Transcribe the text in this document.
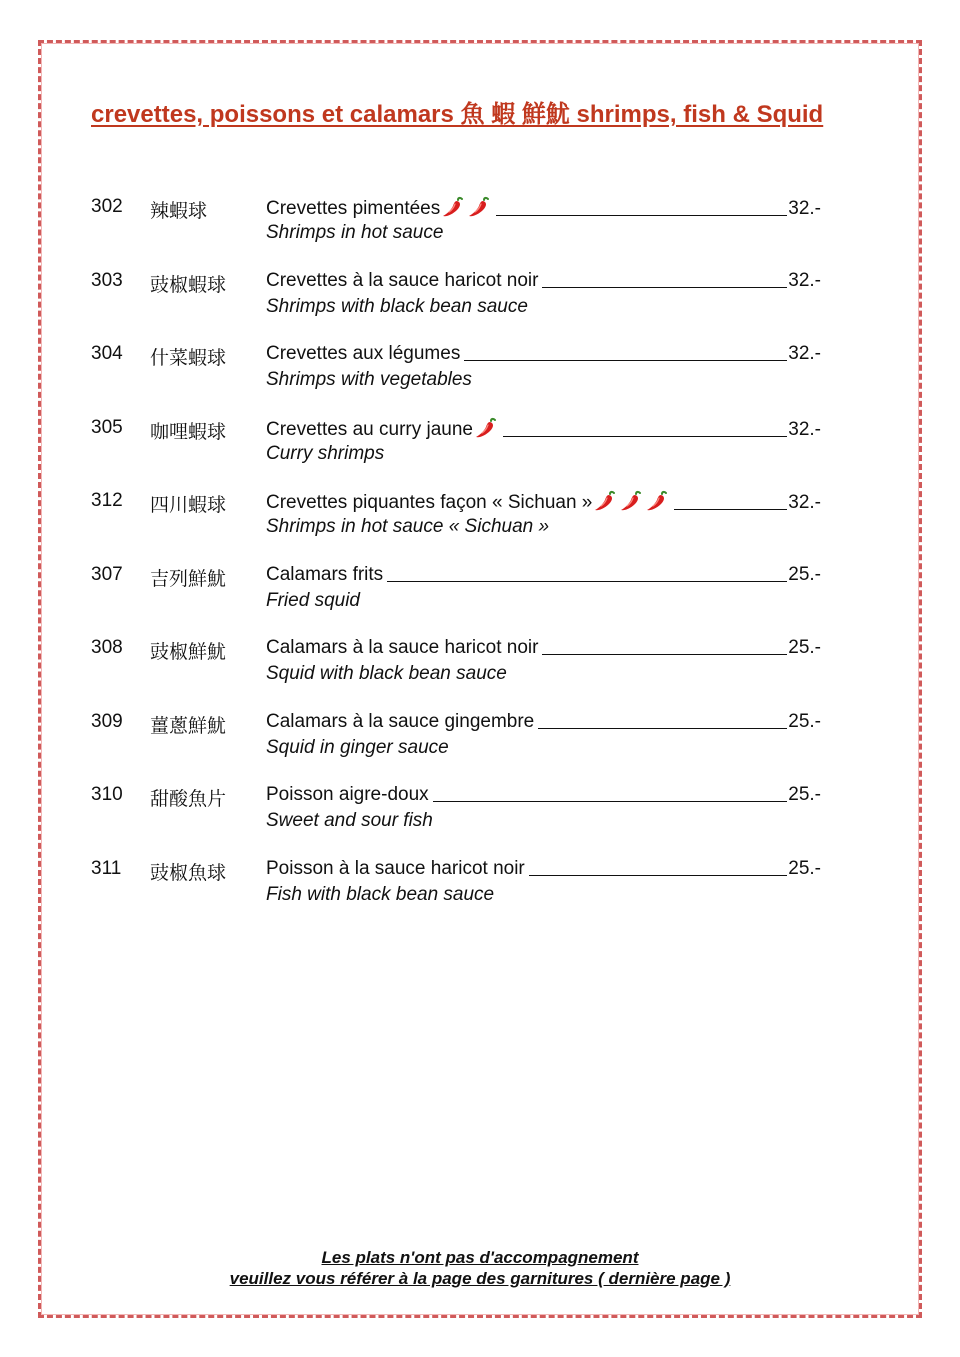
crevettes, poissons et calamars 魚 蝦 鮮魷 shrimps, fish & Squid
302 辣蝦球	Crevettes pimentées	32.-
Shrimps in hot sauce
303 豉椒蝦球 Crevettes à la sauce haricot noir	32.-
Shrimps with black bean sauce
304 什菜蝦球 Crevettes aux légumes	32.-
Shrimps with vegetables
305 咖哩蝦球 Crevettes au curry jaune	32.-
Curry shrimps
312 四川蝦球 Crevettes piquantes façon « Sichuan »	32.-
Shrimps in hot sauce « Sichuan »
307 吉列鮮魷 Calamars frits	25.-
Fried squid
308 豉椒鮮魷 Calamars à la sauce haricot noir	25.-
Squid with black bean sauce
309 薑蔥鮮魷 Calamars à la sauce gingembre	25.-
Squid in ginger sauce
310 甜酸魚片 Poisson aigre-doux	25.-
Sweet and sour fish
311 豉椒魚球 Poisson à la sauce haricot noir	25.-
Fish with black bean sauce
Les plats n'ont pas d'accompagnement
veuillez vous référer à la page des garnitures ( dernière page )
